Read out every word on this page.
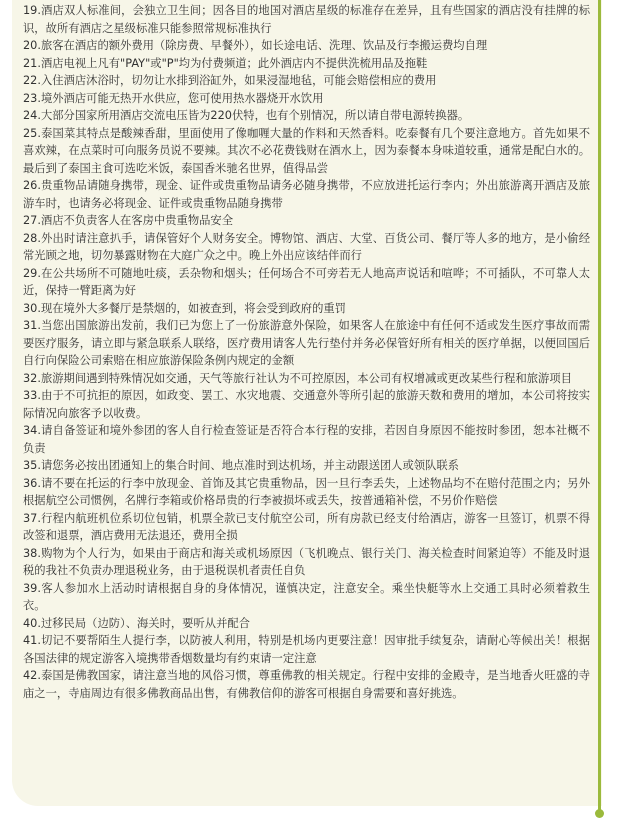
19.酒店双人标准间，会独立卫生间；因各目的地国对酒店星级的标准存在差异，且有些国家的酒店没有挂牌的标识，故所有酒店之星级标准只能参照常规标准执行
20.旅客在酒店的额外费用（除房费、早餐外），如长途电话、洗理、饮品及行李搬运费均自理
21.酒店电视上凡有"PAY"或"P"均为付费频道；此外酒店内不提供洗梳用品及拖鞋
22.入住酒店沐浴时，切勿让水排到浴缸外，如果浸湿地毡，可能会赔偿相应的费用
23.境外酒店可能无热开水供应，您可使用热水器烧开水饮用
24.大部分国家所用酒店交流电压皆为220伏特，也有个别情况，所以请自带电源转换器。
25.泰国菜其特点是酸辣香甜，里面使用了像咖喱大量的作料和天然香料。吃泰餐有几个要注意地方。首先如果不喜欢辣，在点菜时可向服务员说不要辣。其次不必花费钱财在酒水上，因为泰餐本身味道较重，通常是配白水的。最后到了泰国主食可选吃米饭，泰国香米驰名世界，值得品尝
26.贵重物品请随身携带，现金、证件或贵重物品请务必随身携带，不应放进托运行李内；外出旅游离开酒店及旅游车时，也请务必将现金、证件或贵重物品随身携带
27.酒店不负责客人在客房中贵重物品安全
28.外出时请注意扒手，请保管好个人财务安全。博物馆、酒店、大堂、百货公司、餐厅等人多的地方，是小偷经常光顾之地，切勿暴露财物在大庭广众之中。晚上外出应该结伴而行
29.在公共场所不可随地吐痰，丢杂物和烟头；任何场合不可旁若无人地高声说话和喧哗；不可插队，不可靠人太近，保持一臂距离为好
30.现在境外大多餐厅是禁烟的，如被查到，将会受到政府的重罚
31.当您出国旅游出发前，我们已为您上了一份旅游意外保险，如果客人在旅途中有任何不适或发生医疗事故而需要医疗服务，请立即与紧急联系人联络，医疗费用请客人先行垫付并务必保管好所有相关的医疗单据，以便回国后自行向保险公司索赔在相应旅游保险条例内规定的金额
32.旅游期间遇到特殊情况如交通，天气等旅行社认为不可控原因，本公司有权增减或更改某些行程和旅游项目
33.由于不可抗拒的原因，如政变、罢工、水灾地震、交通意外等所引起的旅游天数和费用的增加，本公司将按实际情况向旅客予以收费。
34.请自备签证和境外参团的客人自行检查签证是否符合本行程的安排，若因自身原因不能按时参团，恕本社概不负责
35.请您务必按出团通知上的集合时间、地点准时到达机场，并主动跟送团人或领队联系
36.请不要在托运的行李中放现金、首饰及其它贵重物品，因一旦行李丢失，上述物品均不在赔付范围之内；另外根据航空公司惯例，名牌行李箱或价格昂贵的行李被损坏或丢失，按普通箱补偿，不另价作赔偿
37.行程内航班机位系切位包销，机票全款已支付航空公司，所有房款已经支付给酒店，游客一旦签订，机票不得改签和退票，酒店费用无法退还，费用全损
38.购物为个人行为，如果由于商店和海关或机场原因（飞机晚点、银行关门、海关检查时间紧迫等）不能及时退税的我社不负责办理退税业务，由于退税误机者责任自负
39.客人参加水上活动时请根据自身的身体情况，谨慎决定，注意安全。乘坐快艇等水上交通工具时必须着救生衣。
40.过移民局（边防）、海关时，要听从并配合
41.切记不要帮陌生人提行李，以防被人利用，特别是机场内更要注意！因审批手续复杂，请耐心等候出关！根据各国法律的规定游客入境携带香烟数量均有约束请一定注意
42.泰国是佛教国家，请注意当地的风俗习惯，尊重佛教的相关规定。行程中安排的金殿寺，是当地香火旺盛的寺庙之一，寺庙周边有很多佛教商品出售，有佛教信仰的游客可根据自身需要和喜好挑选。
